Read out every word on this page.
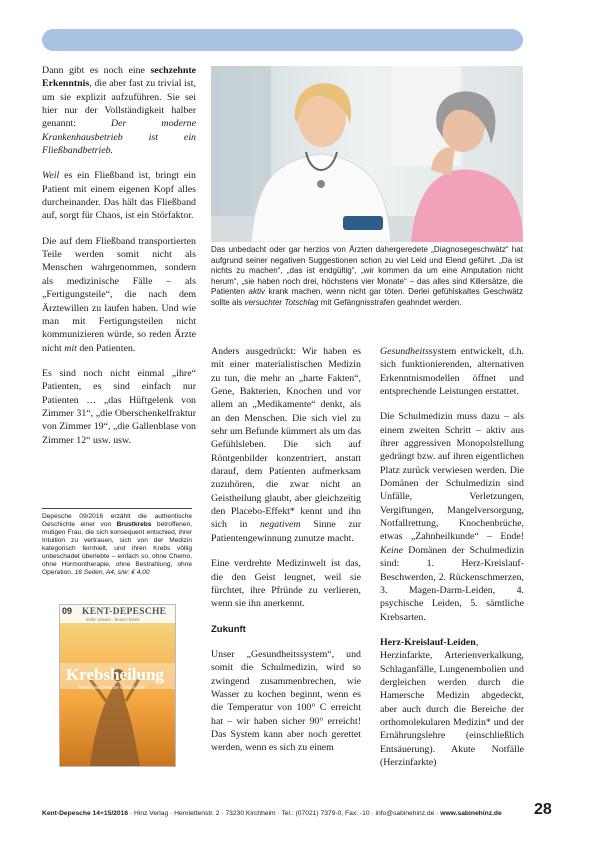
Dann gibt es noch eine sechzehnte Erkenntnis, die aber fast zu trivial ist, um sie explizit aufzuführen. Sie sei hier nur der Vollständigkeit halber genannt: Der moderne Krankenhausbetrieb ist ein Fließbandbetrieb.

Weil es ein Fließband ist, bringt ein Patient mit einem eigenen Kopf alles durcheinander. Das hält das Fließband auf, sorgt für Chaos, ist ein Störfaktor.

Die auf dem Fließband transportierten Teile werden somit nicht als Menschen wahrgenommen, sondern als medizinische Fälle – als „Fertigungsteile“, die nach dem Ärztewillen zu laufen haben. Und wie man mit Fertigungsteilen nicht kommunizieren würde, so reden Ärzte nicht mit den Patienten.

Es sind noch nicht einmal „ihre“ Patienten, es sind einfach nur Patienten … „das Hüftgelenk von Zimmer 31“, „die Oberschenkelfraktur von Zimmer 19“, „die Gallenblase von Zimmer 12“ usw. usw.

Das unbedacht oder gar herzlos von Ärzten dahergeredete „Diagnosegeschwätz“ hat aufgrund seiner negativen Suggestionen schon zu viel Leid und Elend geführt. „Da ist nichts zu machen“, „das ist endgültig“, „wir kommen da um eine Amputation nicht herum“, „sie haben noch drei, höchstens vier Monate“ – das alles sind Killersätze, die Patienten aktiv krank machen, wenn nicht gar töten. Derlei gefühlskaltes Geschwätz sollte als versuchter Totschlag mit Gefängnisstrafen geahndet werden.
Depesche 09/2016 erzählt die authentische Geschichte einer von Brustkrebs betroffenen, mutigen Frau, die sich konsequent entschied, ihrer Intuition zu vertrauen, sich von der Medizin kategorisch fernhielt, und ihren Krebs völlig unbeschadet überlebte – einfach so, ohne Chemo, ohne Hormontherapie, ohne Bestrahlung, ohne Operation. 16 Seiten, A4, s/w: € 4,00
09 KENT-DEPESCHE
mehr wissen · besser leben
Krebsheilung
Meine persönliche Geschichte

Anders ausgedrückt: Wir haben es mit einer materialistischen Medizin zu tun, die mehr an „harte Fakten“, Gene, Bakterien, Knochen und vor allem an „Medikamente“ denkt, als an den Menschen. Die sich viel zu sehr um Befunde kümmert als um das Gefühlsleben. Die sich auf Röntgenbilder konzentriert, anstatt darauf, dem Patienten aufmerksam zuzuhören, die zwar nicht an Geistheilung glaubt, aber gleichzeitig den Placebo-Effekt* kennt und ihn sich in negativem Sinne zur Patientengewinnung zunutze macht.

Eine verdrehte Medizinwelt ist das, die den Geist leugnet, weil sie fürchtet, ihre Pfründe zu verlieren, wenn sie ihn anerkennt.

Zukunft

Unser „Gesundheitssystem“, und somit die Schulmedizin, wird so zwingend zusammenbrechen, wie Wasser zu kochen beginnt, wenn es die Temperatur von 100° C erreicht hat – wir haben sicher 90° erreicht! Das System kann aber noch gerettet werden, wenn es sich zu einem

Gesundheitssystem entwickelt, d.h. sich funktionierenden, alternativen Erkenntnismodellen öffnet und entsprechende Leistungen erstattet.

Die Schulmedizin muss dazu – als einem zweiten Schritt – aktiv aus ihrer aggressiven Monopolstellung gedrängt bzw. auf ihren eigentlichen Platz zurück verwiesen werden. Die Domänen der Schulmedizin sind Unfälle, Verletzungen, Vergiftungen, Mangelversorgung, Notfallrettung, Knochenbrüche, etwas „Zahnheilkunde“ – Ende! Keine Domänen der Schulmedizin sind: 1. Herz-Kreislauf-Beschwerden, 2. Rückenschmerzen, 3. Magen-Darm-Leiden, 4. psychische Leiden, 5. sämtliche Krebsarten.

Herz-Kreislauf-Leiden, Herzinfarkte, Arterienverkalkung, Schlaganfälle, Lungenembolien und dergleichen werden durch die Hamersche Medizin abgedeckt, aber auch durch die Bereiche der orthomolekularen Medizin* und der Ernährungslehre (einschließlich Entsäuerung). Akute Notfälle (Herzinfarkte)

Kent-Depesche 14+15/2016 · Hinz Verlag · Henriettenstr. 2 · 73230 Kirchheim · Tel.: (07021) 7379-0, Fax: -10 · info@sabinehinz.de · www.sabinehinz.de	28
